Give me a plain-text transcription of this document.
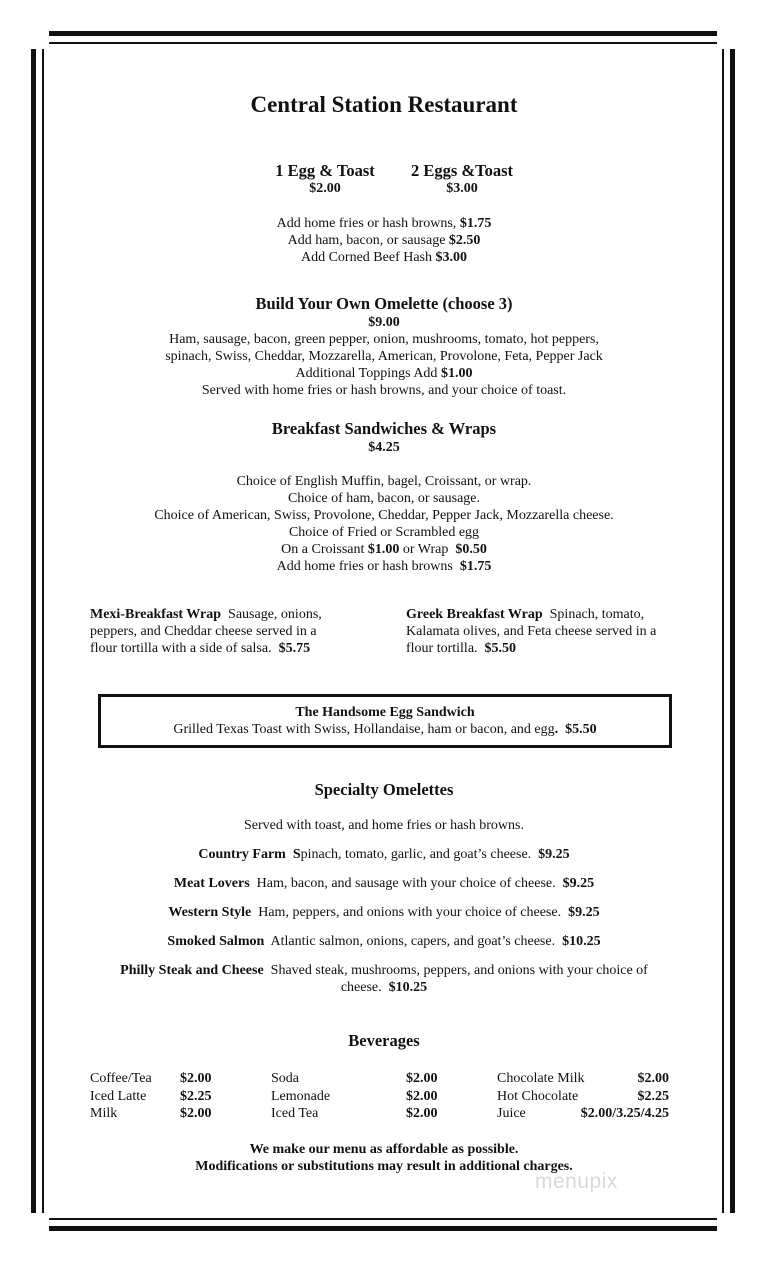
Central Station Restaurant
1 Egg & Toast
$2.00
2 Eggs &Toast
$3.00
Add home fries or hash browns, $1.75
Add ham, bacon, or sausage $2.50
Add Corned Beef Hash $3.00
Build Your Own Omelette (choose 3)
$9.00
Ham, sausage, bacon, green pepper, onion, mushrooms, tomato, hot peppers,
spinach, Swiss, Cheddar, Mozzarella, American, Provolone, Feta, Pepper Jack
Additional Toppings Add $1.00
Served with home fries or hash browns, and your choice of toast.
Breakfast Sandwiches & Wraps
$4.25
Choice of English Muffin, bagel, Croissant, or wrap.
Choice of ham, bacon, or sausage.
Choice of American, Swiss, Provolone, Cheddar, Pepper Jack, Mozzarella cheese.
Choice of Fried or Scrambled egg
On a Croissant $1.00 or Wrap  $0.50
Add home fries or hash browns  $1.75
Mexi-Breakfast Wrap  Sausage, onions,
peppers, and Cheddar cheese served in a
flour tortilla with a side of salsa.  $5.75
Greek Breakfast Wrap  Spinach, tomato,
Kalamata olives, and Feta cheese served in a
flour tortilla.  $5.50
The Handsome Egg Sandwich
Grilled Texas Toast with Swiss, Hollandaise, ham or bacon, and egg. $5.50
Specialty Omelettes
Served with toast, and home fries or hash browns.
Country Farm  Spinach, tomato, garlic, and goat’s cheese.  $9.25
Meat Lovers  Ham, bacon, and sausage with your choice of cheese.  $9.25
Western Style  Ham, peppers, and onions with your choice of cheese.  $9.25
Smoked Salmon  Atlantic salmon, onions, capers, and goat’s cheese.  $10.25
Philly Steak and Cheese  Shaved steak, mushrooms, peppers, and onions with your choice of
cheese.  $10.25
Beverages
Coffee/Tea	$2.00
Iced Latte	$2.25
Milk	$2.00
Soda	$2.00
Lemonade	$2.00
Iced Tea	$2.00
Chocolate Milk	$2.00
Hot Chocolate	$2.25
Juice	$2.00/3.25/4.25
We make our menu as affordable as possible.
Modifications or substitutions may result in additional charges.
menupix
